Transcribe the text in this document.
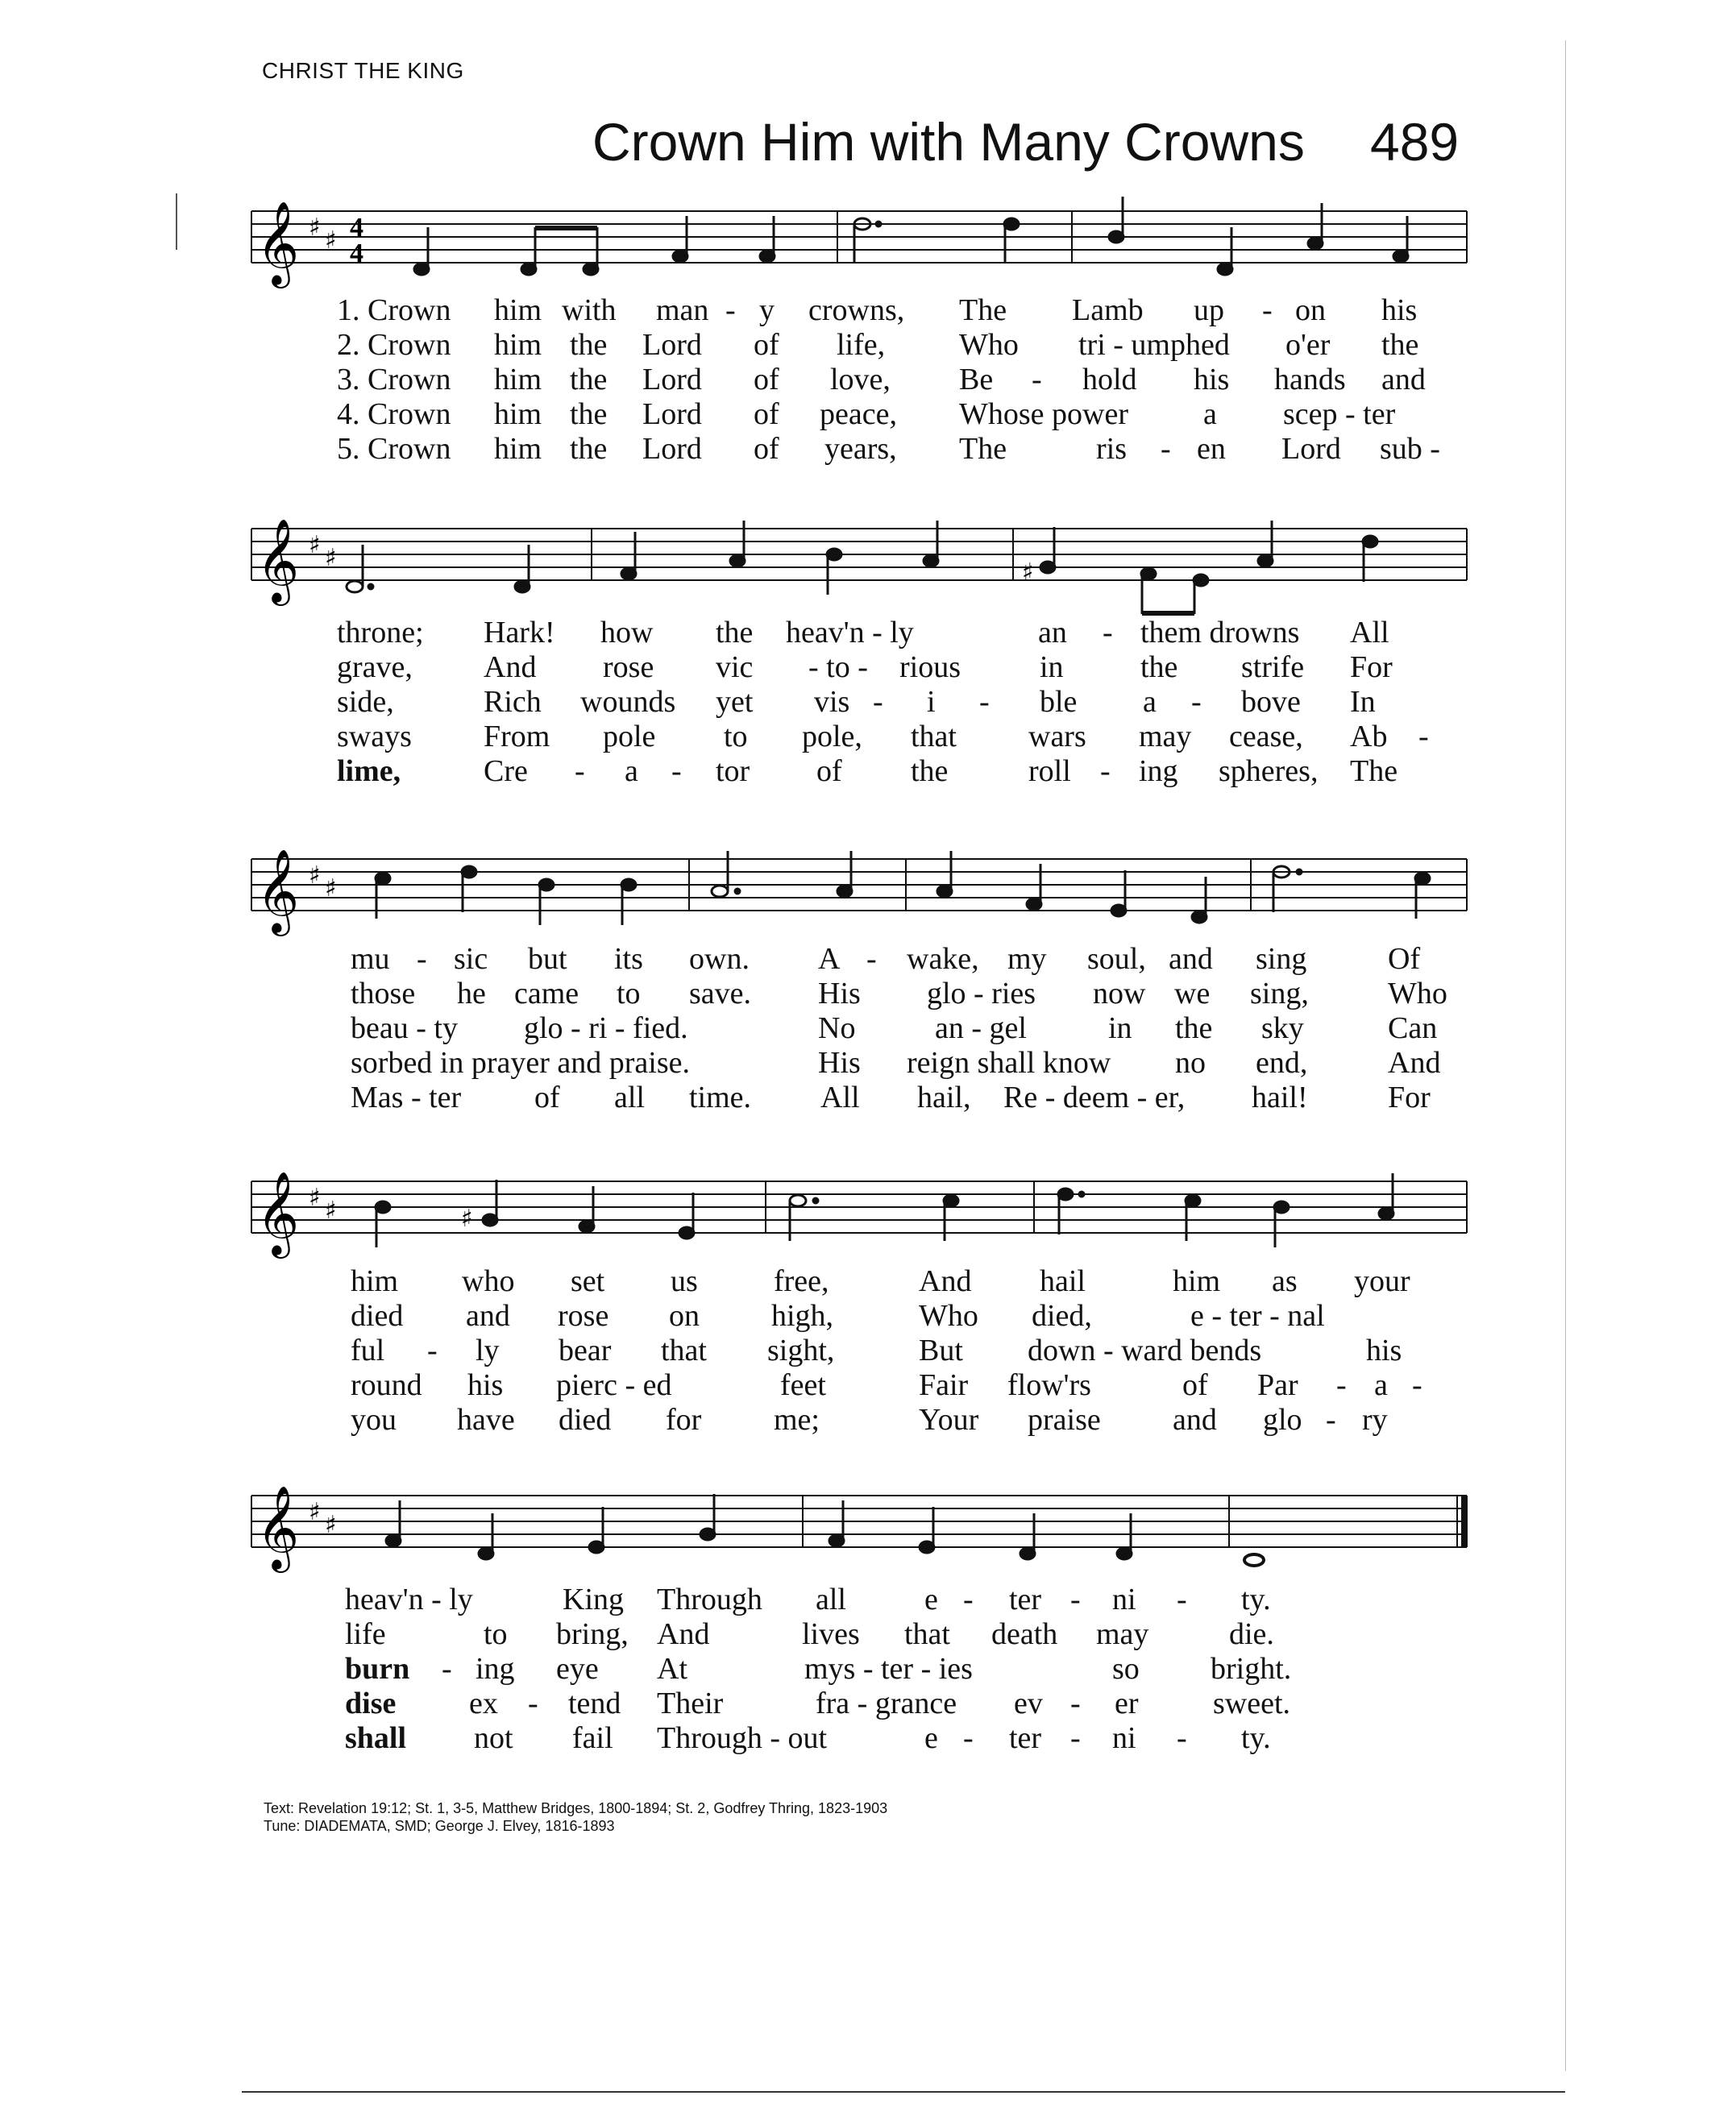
CHRIST THE KING
Crown Him with Many Crowns 489
𝄞 ♯ ♯ 4
4
𝄞 ♯ ♯
♯
𝄞 ♯ ♯
𝄞 ♯ ♯	♯
𝄞 ♯ ♯
1. Crown him with man - y crowns, The Lamb up - on his
2. Crown him the Lord of life, Who tri - umphed o'er the
3. Crown him the Lord of love, Be - hold his hands and
4. Crown him the Lord of peace, Whose power a scep - ter
5. Crown him the Lord of years, The	ris - en Lord sub -
throne; Hark! how the heav'n - ly	an - them drowns All
grave, And rose vic - to - rious	in	the strife For
side,	Rich wounds yet vis - i - ble a - bove In
sways From pole to pole, that wars may cease, Ab -
lime,	Cre - a - tor of the	roll - ing spheres, The
mu - sic but its own. A - wake, my soul, and sing	Of
those he came to save. His glo - ries now we sing,	Who
beau - ty glo - ri - fied.	No	an - gel	in the sky	Can
sorbed in prayer and praise.	His reign shall know no end,	And
Mas - ter of all time. All hail, Re - deem - er, hail!	For
him who set us free,	And hail	him as your
died and rose on high,	Who died,	e - ter - nal
ful - ly bear that sight,	But down - ward bends	his
round his pierc - ed	feet	Fair flow'rs	of Par - a -
you have died for me;	Your praise and glo - ry
heav'n - ly	King Through all	e - ter - ni - ty.
life	to bring, And	lives that death may	die.
burn - ing eye At	mys - ter - ies	so bright.
dise ex - tend Their	fra - grance ev - er sweet.
shall not fail Through - out	e - ter - ni - ty.
Text: Revelation 19:12; St. 1, 3-5, Matthew Bridges, 1800-1894; St. 2, Godfrey Thring, 1823-1903
Tune: DIADEMATA, SMD; George J. Elvey, 1816-1893
